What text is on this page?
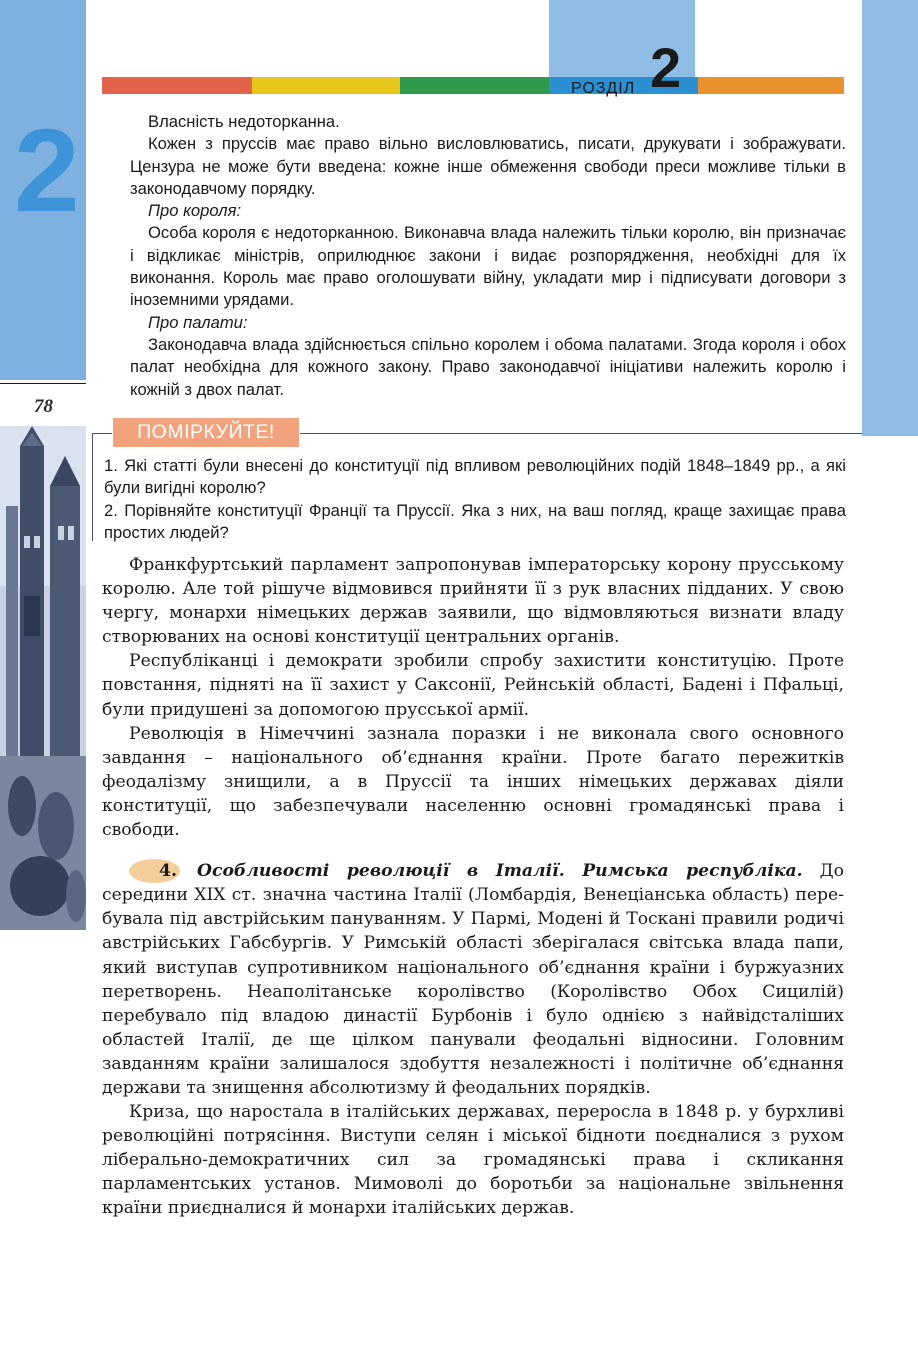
2
78
РОЗДІЛ 2

Власність недоторканна.

Кожен з пруссів має право вільно висловлюватись, писати, друкувати і зображувати. Цензура не може бути введена: кожне інше обмеження свободи преси можливе тільки в законодавчому порядку.

Про короля:

Особа короля є недоторканною. Виконавча влада належить тільки королю, він призначає і відкликає міністрів, оприлюднює закони і видає розпорядження, необхідні для їх виконання. Король має право оголошувати війну, укладати мир і підписувати договори з іноземними урядами.

Про палати:

Законодавча влада здійснюється спільно королем і обома палатами. Згода короля і обох палат необхідна для кожного закону. Право законодавчої ініціативи належить королю і кожній з двох палат.

ПОМІРКУЙТЕ!

1. Які статті були внесені до конституції під впливом революційних подій 1848–1849 рр., а які були вигідні королю?

2. Порівняйте конституції Франції та Пруссії. Яка з них, на ваш погляд, краще захищає права простих людей?

Франкфуртський парламент запропонував імператорську корону прусському королю. Але той рішуче відмовився прийняти її з рук власних підданих. У свою чергу, монархи німецьких держав заявили, що відмовляються визнати владу створюваних на основі конституції центральних органів.

Республіканці і демократи зробили спробу захистити конституцію. Проте повстання, підняті на її захист у Саксонії, Рейнській області, Бадені і Пфальці, були придушені за допомогою прусської армії.

Революція в Німеччині зазнала поразки і не виконала свого основного завдання – національного об’єднання країни. Проте багато пережитків феодалізму знищили, а в Пруссії та інших німецьких державах діяли конституції, що забезпечували населенню основні громадянські права і свободи.

4. Особливості революції в Італії. Римська республіка. До середини XIX ст. значна частина Італії (Ломбардія, Венеціанська область) перебувала під австрійським пануванням. У Пармі, Модені й Тоскані правили родичі австрійських Габсбургів. У Римській області зберігалася світська влада папи, який виступав супротивником національного об’єднання країни і буржуазних перетворень. Неаполітанське королівство (Королівство Обох Сицилій) перебувало під владою династії Бурбонів і було однією з найвідсталіших областей Італії, де ще цілком панували феодальні відносини. Головним завданням країни залишалося здобуття незалежності і політичне об’єднання держави та знищення абсолютизму й феодальних порядків.

Криза, що наростала в італійських державах, переросла в 1848 р. у бурхливі революційні потрясіння. Виступи селян і міської бідноти поєдналися з рухом ліберально-демократичних сил за громадянські права і скликання парламентських установ. Мимоволі до боротьби за національне звільнення країни приєдналися й монархи італійських держав.
